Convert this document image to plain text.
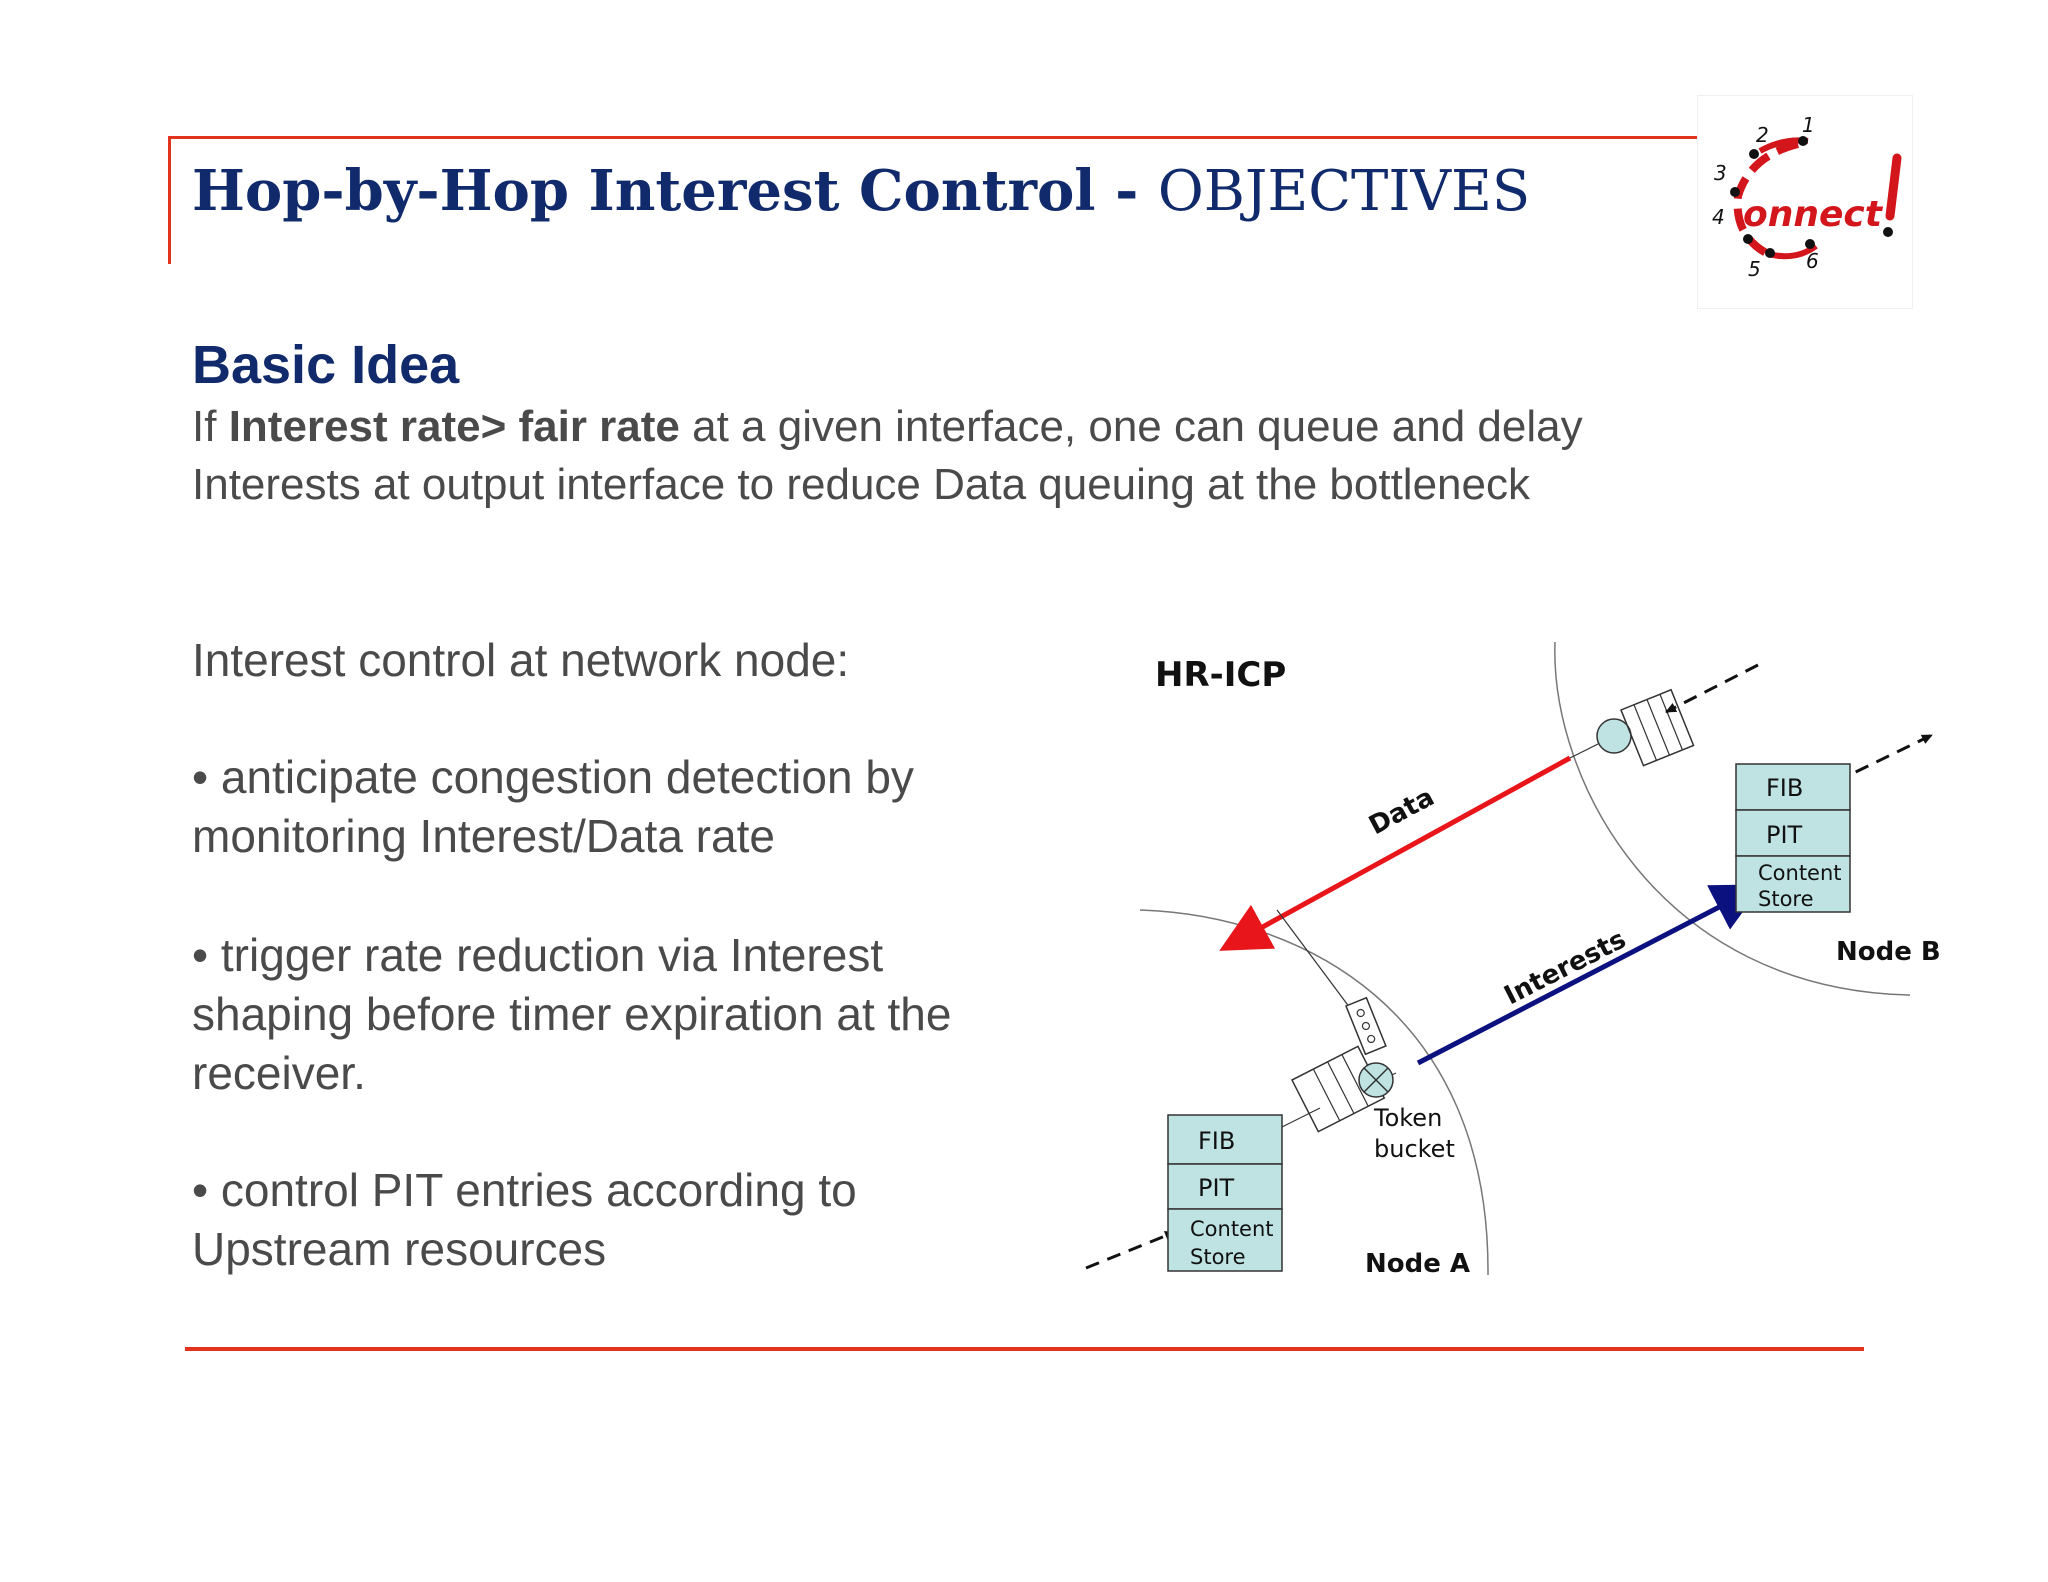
Hop-by-Hop Interest Control - OBJECTIVES
1
2
3
4
5 6
onnect
Basic Idea
If Interest rate> fair rate at a given interface, one can queue and delay
Interests at output interface to reduce Data queuing at the bottleneck
Interest control at network node:
• anticipate congestion detection by
monitoring Interest/Data rate
• trigger rate reduction via Interest
shaping before timer expiration at the
receiver.
• control PIT entries according to
Upstream resources
HR-ICP
Data
Interests
Token
bucket
FIB
PIT
Content
Store	Node A
FIB
PIT
Content
Store
Node B
